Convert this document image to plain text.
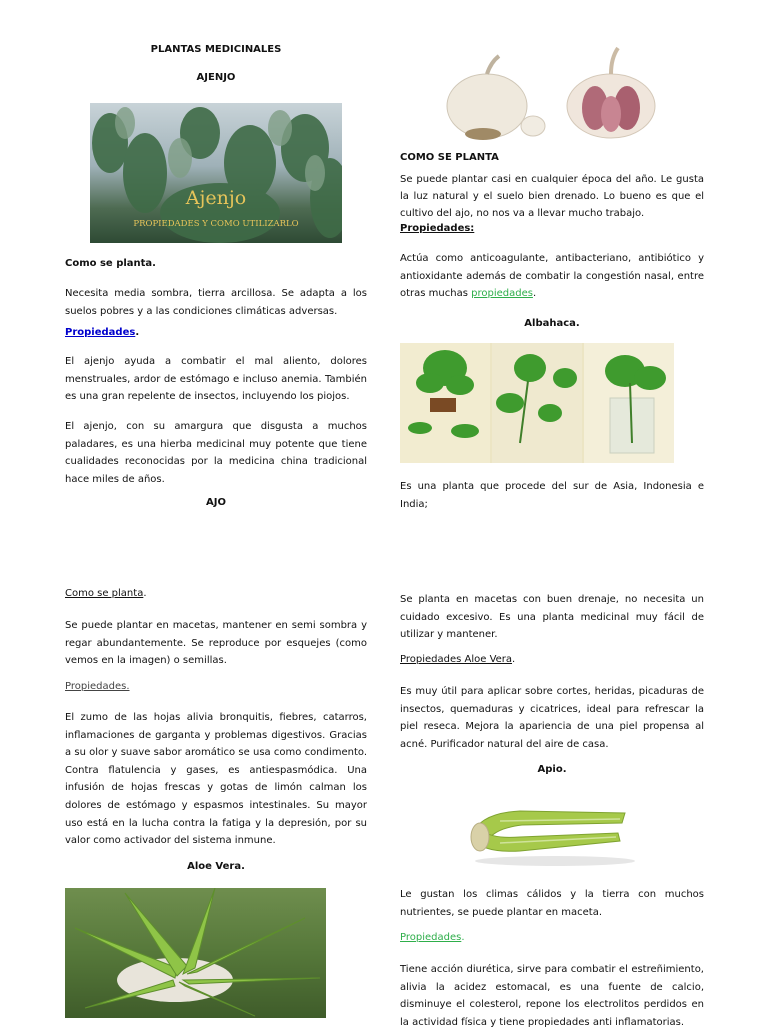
PLANTAS MEDICINALES
AJENJO
Ajenjo
PROPIEDADES Y COMO UTILIZARLO

Como se planta.

Necesita media sombra, tierra arcillosa. Se adapta a los suelos pobres y a las condiciones climáticas adversas.

Propiedades.

El ajenjo ayuda a combatir el mal aliento, dolores menstruales, ardor de estómago e incluso anemia. También es una gran repelente de insectos, incluyendo los piojos.

El ajenjo, con su amargura que disgusta a muchos paladares, es una hierba medicinal muy potente que tiene cualidades reconocidas por la medicina china tradicional hace miles de años.

AJO

Como se planta.

Se puede plantar en macetas, mantener en semi sombra y regar abundantemente. Se reproduce por esquejes (como vemos en la imagen) o semillas.

Propiedades.

El zumo de las hojas alivia bronquitis, fiebres, catarros, inflamaciones de garganta y problemas digestivos. Gracias a su olor y suave sabor aromático se usa como condimento. Contra flatulencia y gases, es antiespasmódica. Una infusión de hojas frescas y gotas de limón calman los dolores de estómago y espasmos intestinales. Su mayor uso está en la lucha contra la fatiga y la depresión, por su valor como activador del sistema inmune.

Aloe Vera.

COMO SE PLANTA

Se puede plantar casi en cualquier época del año. Le gusta la luz natural y el suelo bien drenado. Lo bueno es que el cultivo del ajo, no nos va a llevar mucho trabajo.

Propiedades:

Actúa como anticoagulante, antibacteriano, antibiótico y antioxidante además de combatir la congestión nasal, entre otras muchas propiedades.

Albahaca.

Es una planta que procede del sur de Asia, Indonesia e India;

Se planta en macetas con buen drenaje, no necesita un cuidado excesivo. Es una planta medicinal muy fácil de utilizar y mantener.

Propiedades Aloe Vera.

Es muy útil para aplicar sobre cortes, heridas, picaduras de insectos, quemaduras y cicatrices, ideal para refrescar la piel reseca. Mejora la apariencia de una piel propensa al acné. Purificador natural del aire de casa.

Apio.

Le gustan los climas cálidos y la tierra con muchos nutrientes, se puede plantar en maceta.

Propiedades.

Tiene acción diurética, sirve para combatir el estreñimiento, alivia la acidez estomacal, es una fuente de calcio, disminuye el colesterol, repone los electrolitos perdidos en la actividad física y tiene propiedades anti inflamatorias.
